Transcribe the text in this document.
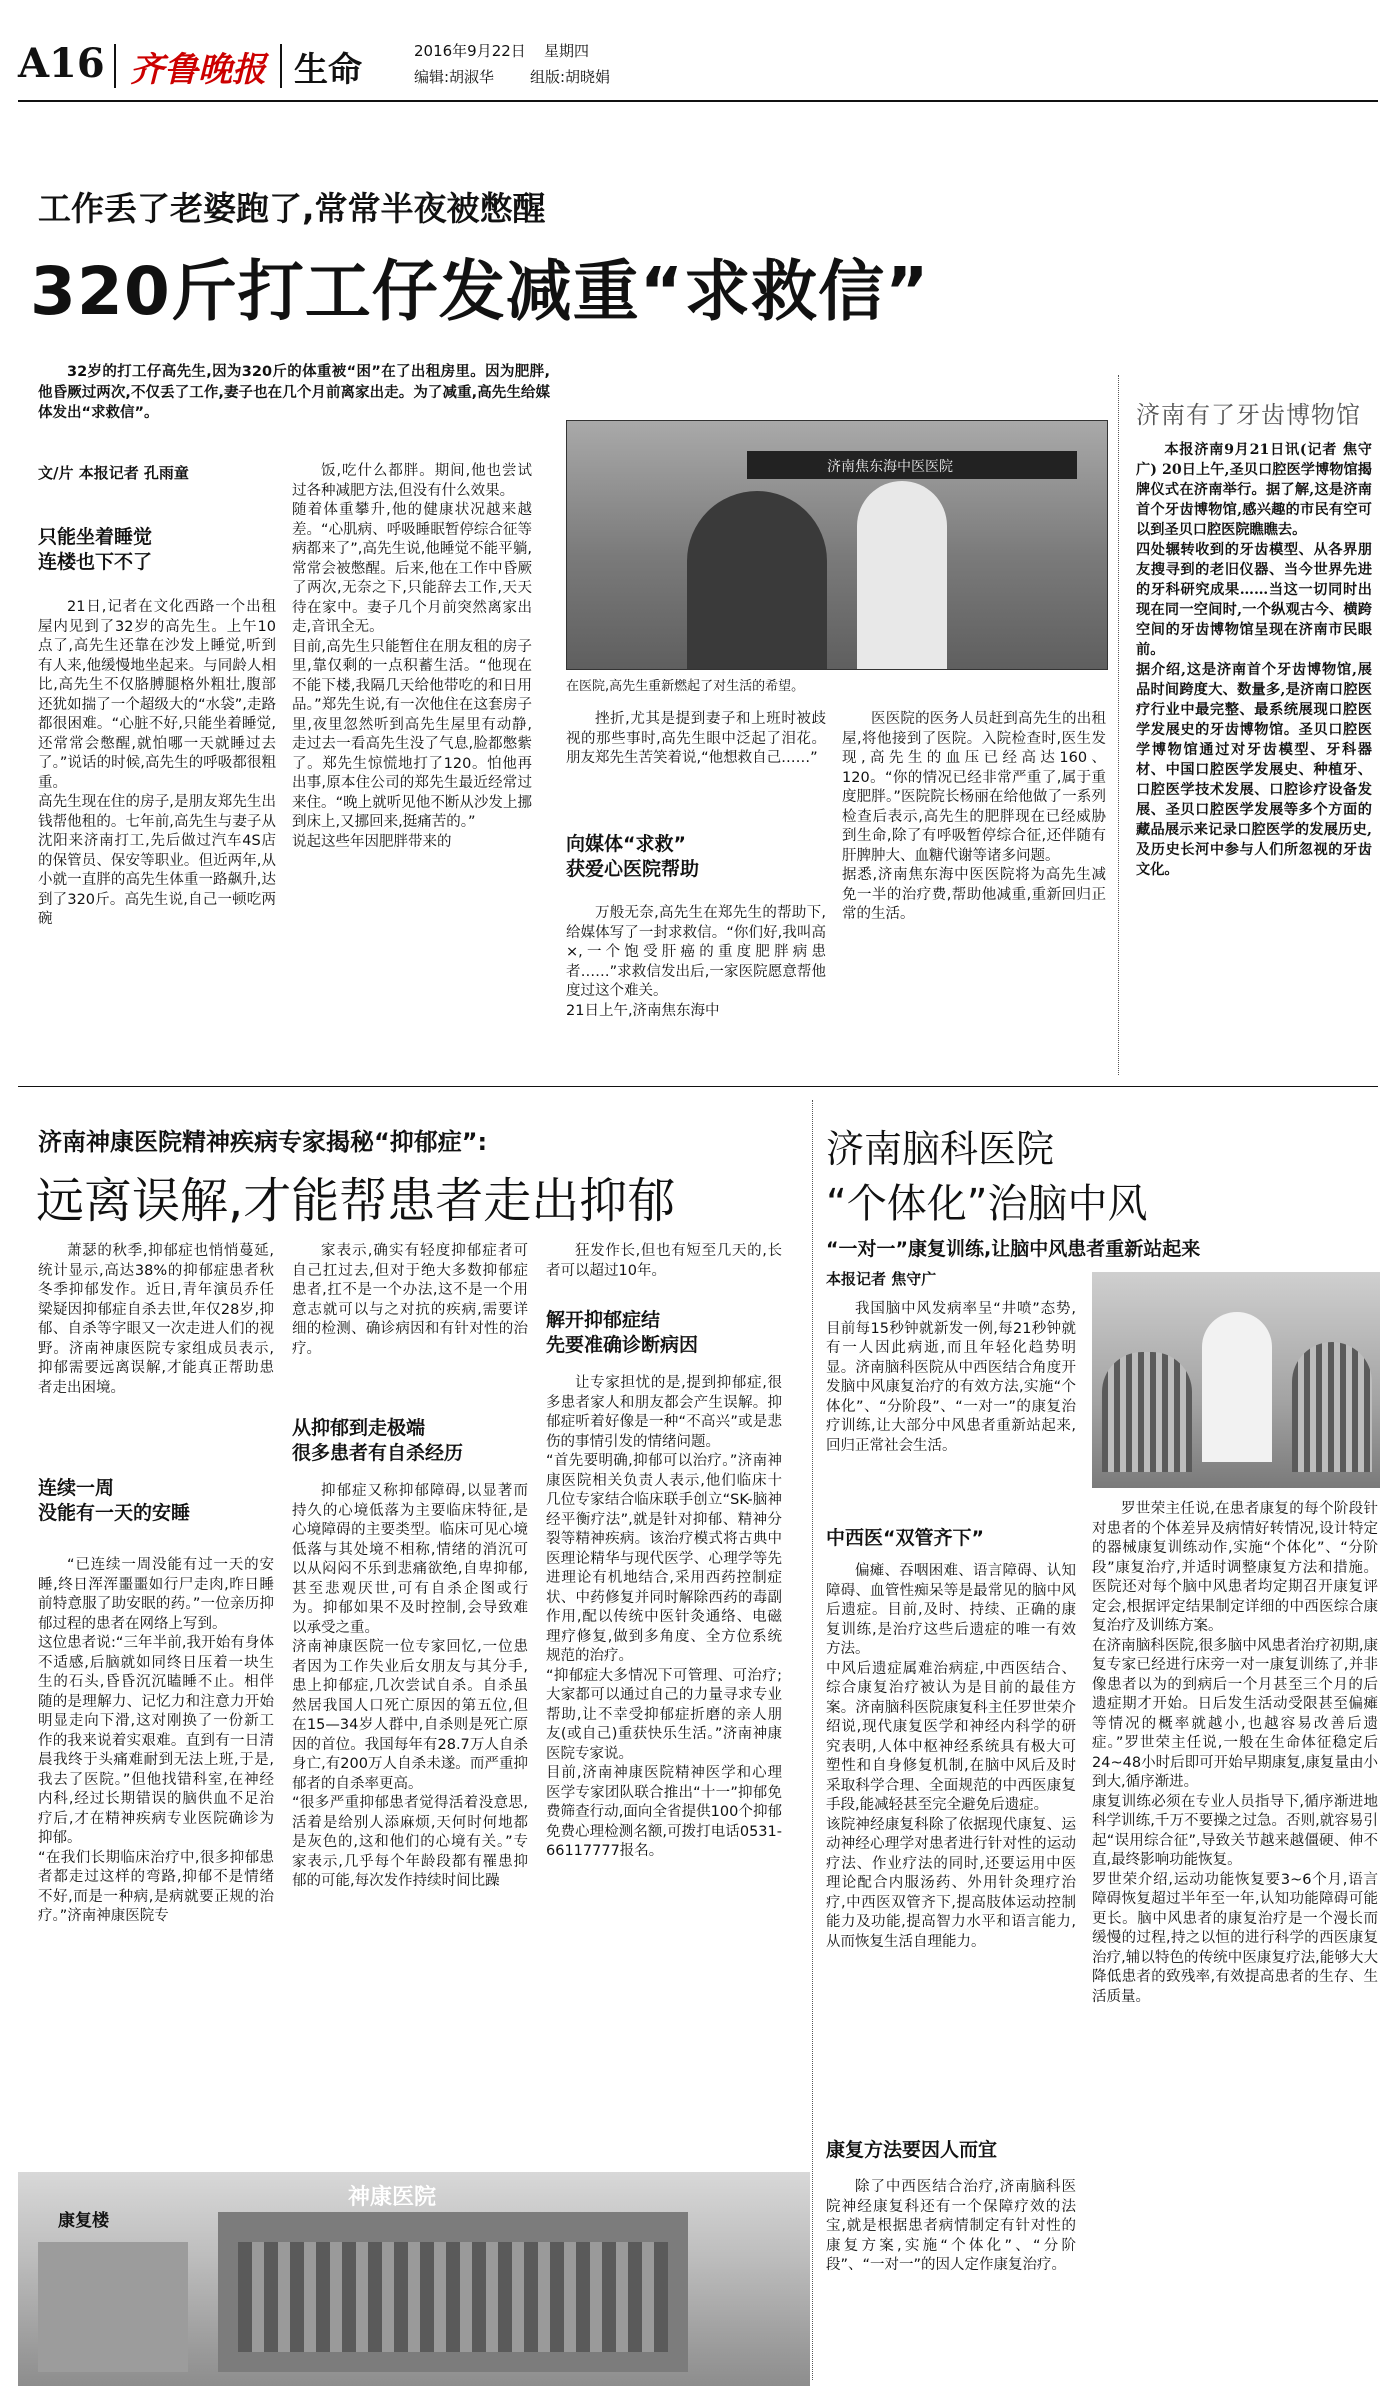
A16 齐鲁晚报 生命	2016年9月22日 星期四
编辑:胡淑华 组版:胡晓娟
工作丢了老婆跑了,常常半夜被憋醒
320斤打工仔发减重“求救信”
32岁的打工仔高先生,因为320斤的体重被“困”在了出租房里。因为肥胖,他昏厥过两次,不仅丢了工作,妻子也在几个月前离家出走。为了减重,高先生给媒体发出“求救信”。
文/片 本报记者 孔雨童
只能坐着睡觉
连楼也下不了
21日,记者在文化西路一个出租屋内见到了32岁的高先生。上午10点了,高先生还靠在沙发上睡觉,听到有人来,他缓慢地坐起来。与同龄人相比,高先生不仅胳膊腿格外粗壮,腹部还犹如揣了一个超级大的“水袋”,走路都很困难。“心脏不好,只能坐着睡觉,还常常会憋醒,就怕哪一天就睡过去了。”说话的时候,高先生的呼吸都很粗重。
高先生现在住的房子,是朋友郑先生出钱帮他租的。七年前,高先生与妻子从沈阳来济南打工,先后做过汽车4S店的保管员、保安等职业。但近两年,从小就一直胖的高先生体重一路飙升,达到了320斤。高先生说,自己一顿吃两碗
饭,吃什么都胖。期间,他也尝试过各种减肥方法,但没有什么效果。
随着体重攀升,他的健康状况越来越差。“心肌病、呼吸睡眠暂停综合征等病都来了”,高先生说,他睡觉不能平躺,常常会被憋醒。后来,他在工作中昏厥了两次,无奈之下,只能辞去工作,天天待在家中。妻子几个月前突然离家出走,音讯全无。
目前,高先生只能暂住在朋友租的房子里,靠仅剩的一点积蓄生活。“他现在不能下楼,我隔几天给他带吃的和日用品。”郑先生说,有一次他住在这套房子里,夜里忽然听到高先生屋里有动静,走过去一看高先生没了气息,脸都憋紫了。郑先生惊慌地打了120。怕他再出事,原本住公司的郑先生最近经常过来住。“晚上就听见他不断从沙发上挪到床上,又挪回来,挺痛苦的。”
说起这些年因肥胖带来的
济南焦东海中医医院
在医院,高先生重新燃起了对生活的希望。
挫折,尤其是提到妻子和上班时被歧视的那些事时,高先生眼中泛起了泪花。朋友郑先生苦笑着说,“他想救自己……”
向媒体“求救”
获爱心医院帮助
万般无奈,高先生在郑先生的帮助下,给媒体写了一封求救信。“你们好,我叫高×,一个饱受肝癌的重度肥胖病患者……”求救信发出后,一家医院愿意帮他度过这个难关。
21日上午,济南焦东海中
医医院的医务人员赶到高先生的出租屋,将他接到了医院。入院检查时,医生发现,高先生的血压已经高达160、120。“你的情况已经非常严重了,属于重度肥胖。”医院院长杨丽在给他做了一系列检查后表示,高先生的肥胖现在已经威胁到生命,除了有呼吸暂停综合征,还伴随有肝脾肿大、血糖代谢等诸多问题。
据悉,济南焦东海中医医院将为高先生减免一半的治疗费,帮助他减重,重新回归正常的生活。
济南有了牙齿博物馆
本报济南9月21日讯(记者 焦守广) 20日上午,圣贝口腔医学博物馆揭牌仪式在济南举行。据了解,这是济南首个牙齿博物馆,感兴趣的市民有空可以到圣贝口腔医院瞧瞧去。
四处辗转收到的牙齿模型、从各界朋友搜寻到的老旧仪器、当今世界先进的牙科研究成果……当这一切同时出现在同一空间时,一个纵观古今、横跨空间的牙齿博物馆呈现在济南市民眼前。
据介绍,这是济南首个牙齿博物馆,展品时间跨度大、数量多,是济南口腔医疗行业中最完整、最系统展现口腔医学发展史的牙齿博物馆。圣贝口腔医学博物馆通过对牙齿模型、牙科器材、中国口腔医学发展史、种植牙、口腔医学技术发展、口腔诊疗设备发展、圣贝口腔医学发展等多个方面的藏品展示来记录口腔医学的发展历史,及历史长河中参与人们所忽视的牙齿文化。
济南神康医院精神疾病专家揭秘“抑郁症”:
远离误解,才能帮患者走出抑郁
萧瑟的秋季,抑郁症也悄悄蔓延,统计显示,高达38%的抑郁症患者秋冬季抑郁发作。近日,青年演员乔任梁疑因抑郁症自杀去世,年仅28岁,抑郁、自杀等字眼又一次走进人们的视野。济南神康医院专家组成员表示,抑郁需要远离误解,才能真正帮助患者走出困境。
连续一周
没能有一天的安睡
“已连续一周没能有过一天的安睡,终日浑浑噩噩如行尸走肉,昨日睡前特意服了助安眠的药。”一位亲历抑郁过程的患者在网络上写到。
这位患者说:“三年半前,我开始有身体不适感,后脑就如同终日压着一块生生的石头,昏昏沉沉瞌睡不止。相伴随的是理解力、记忆力和注意力开始明显走向下滑,这对刚换了一份新工作的我来说着实艰难。直到有一日清晨我终于头痛难耐到无法上班,于是,我去了医院。”但他找错科室,在神经内科,经过长期错误的脑供血不足治疗后,才在精神疾病专业医院确诊为抑郁。
“在我们长期临床治疗中,很多抑郁患者都走过这样的弯路,抑郁不是情绪不好,而是一种病,是病就要正规的治疗。”济南神康医院专
家表示,确实有轻度抑郁症者可自己扛过去,但对于绝大多数抑郁症患者,扛不是一个办法,这不是一个用意志就可以与之对抗的疾病,需要详细的检测、确诊病因和有针对性的治疗。
从抑郁到走极端
很多患者有自杀经历
抑郁症又称抑郁障碍,以显著而持久的心境低落为主要临床特征,是心境障碍的主要类型。临床可见心境低落与其处境不相称,情绪的消沉可以从闷闷不乐到悲痛欲绝,自卑抑郁,甚至悲观厌世,可有自杀企图或行为。抑郁如果不及时控制,会导致难以承受之重。
济南神康医院一位专家回忆,一位患者因为工作失业后女朋友与其分手,患上抑郁症,几次尝试自杀。自杀虽然居我国人口死亡原因的第五位,但在15—34岁人群中,自杀则是死亡原因的首位。我国每年有28.7万人自杀身亡,有200万人自杀未遂。而严重抑郁者的自杀率更高。
“很多严重抑郁患者觉得活着没意思,活着是给别人添麻烦,天何时何地都是灰色的,这和他们的心境有关。”专家表示,几乎每个年龄段都有罹患抑郁的可能,每次发作持续时间比躁
狂发作长,但也有短至几天的,长者可以超过10年。
解开抑郁症结
先要准确诊断病因
让专家担忧的是,提到抑郁症,很多患者家人和朋友都会产生误解。抑郁症听着好像是一种“不高兴”或是悲伤的事情引发的情绪问题。
“首先要明确,抑郁可以治疗。”济南神康医院相关负责人表示,他们临床十几位专家结合临床联手创立“SK-脑神经平衡疗法”,就是针对抑郁、精神分裂等精神疾病。该治疗模式将古典中医理论精华与现代医学、心理学等先进理论有机地结合,采用西药控制症状、中药修复并同时解除西药的毒副作用,配以传统中医针灸通络、电磁理疗修复,做到多角度、全方位系统规范的治疗。
“抑郁症大多情况下可管理、可治疗;大家都可以通过自己的力量寻求专业帮助,让不幸受抑郁症折磨的亲人朋友(或自己)重获快乐生活。”济南神康医院专家说。
目前,济南神康医院精神医学和心理医学专家团队联合推出“十一”抑郁免费筛查行动,面向全省提供100个抑郁免费心理检测名额,可拨打电话0531-66117777报名。
康复楼
神康医院
济南脑科医院
“个体化”治脑中风
“一对一”康复训练,让脑中风患者重新站起来
本报记者 焦守广
我国脑中风发病率呈“井喷”态势,目前每15秒钟就新发一例,每21秒钟就有一人因此病逝,而且年轻化趋势明显。济南脑科医院从中西医结合角度开发脑中风康复治疗的有效方法,实施“个体化”、“分阶段”、“一对一”的康复治疗训练,让大部分中风患者重新站起来,回归正常社会生活。
中西医“双管齐下”
偏瘫、吞咽困难、语言障碍、认知障碍、血管性痴呆等是最常见的脑中风后遗症。目前,及时、持续、正确的康复训练,是治疗这些后遗症的唯一有效方法。
中风后遗症属难治病症,中西医结合、综合康复治疗被认为是目前的最佳方案。济南脑科医院康复科主任罗世荣介绍说,现代康复医学和神经内科学的研究表明,人体中枢神经系统具有极大可塑性和自身修复机制,在脑中风后及时采取科学合理、全面规范的中西医康复手段,能减轻甚至完全避免后遗症。
该院神经康复科除了依据现代康复、运动神经心理学对患者进行针对性的运动疗法、作业疗法的同时,还要运用中医理论配合内服汤药、外用针灸理疗治疗,中西医双管齐下,提高肢体运动控制能力及功能,提高智力水平和语言能力,从而恢复生活自理能力。
康复方法要因人而宜
除了中西医结合治疗,济南脑科医院神经康复科还有一个保障疗效的法宝,就是根据患者病情制定有针对性的康复方案,实施“个体化”、“分阶段”、“一对一”的因人定作康复治疗。
罗世荣主任说,在患者康复的每个阶段针对患者的个体差异及病情好转情况,设计特定的器械康复训练动作,实施“个体化”、“分阶段”康复治疗,并适时调整康复方法和措施。医院还对每个脑中风患者均定期召开康复评定会,根据评定结果制定详细的中西医综合康复治疗及训练方案。
在济南脑科医院,很多脑中风患者治疗初期,康复专家已经进行床旁一对一康复训练了,并非像患者以为的到病后一个月甚至三个月的后遗症期才开始。日后发生活动受限甚至偏瘫等情况的概率就越小,也越容易改善后遗症。”罗世荣主任说,一般在生命体征稳定后24~48小时后即可开始早期康复,康复量由小到大,循序渐进。
康复训练必须在专业人员指导下,循序渐进地科学训练,千万不要操之过急。否则,就容易引起“误用综合征”,导致关节越来越僵硬、伸不直,最终影响功能恢复。
罗世荣介绍,运动功能恢复要3~6个月,语言障碍恢复超过半年至一年,认知功能障碍可能更长。脑中风患者的康复治疗是一个漫长而缓慢的过程,持之以恒的进行科学的西医康复治疗,辅以特色的传统中医康复疗法,能够大大降低患者的致残率,有效提高患者的生存、生活质量。
